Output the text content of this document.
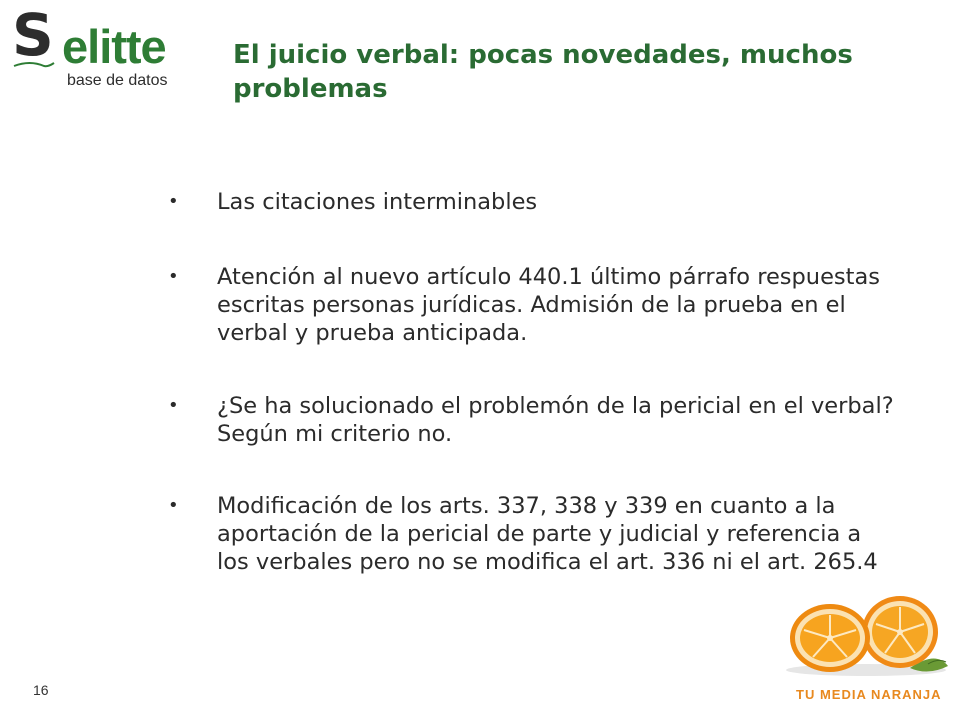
S elitte
base de datos
El juicio verbal: pocas novedades, muchos problemas
• Las citaciones interminables
• Atención al nuevo artículo 440.1 último párrafo respuestas escritas personas jurídicas. Admisión de la prueba en el verbal y prueba anticipada.
• ¿Se ha solucionado el problemón de la pericial en el verbal? Según mi criterio no.
• Modificación de los arts. 337, 338 y 339 en cuanto a la aportación de la pericial de parte y judicial y referencia a los verbales pero no se modifica el art. 336 ni el art. 265.4
16	TU MEDIA NARANJA
